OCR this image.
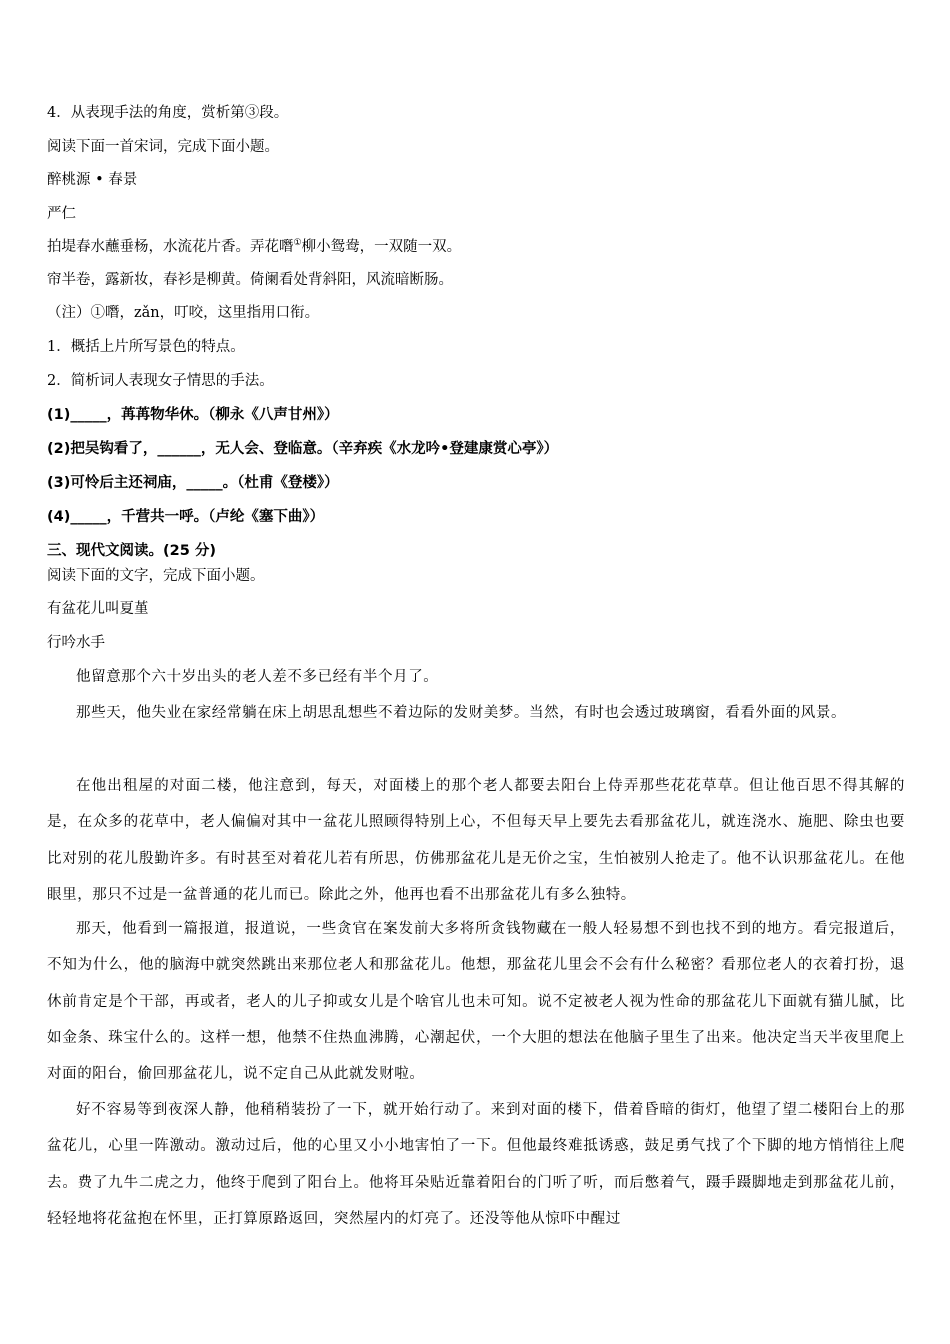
4．从表现手法的角度，赏析第③段。
阅读下面一首宋词，完成下面小题。
醉桃源 • 春景
严仁
拍堤春水蘸垂杨，水流花片香。弄花噆①柳小鸳鸯，一双随一双。
帘半卷，露新妆，春衫是柳黄。倚阑看处背斜阳，风流暗断肠。
（注）①噆，zǎn，叮咬，这里指用口衔。
1．概括上片所写景色的特点。
2．简析词人表现女子情思的手法。
(1)_____，苒苒物华休。（柳永《八声甘州》）
(2)把吴钩看了，______，无人会、登临意。（辛弃疾《水龙吟•登建康赏心亭》）
(3)可怜后主还祠庙，_____。（杜甫《登楼》）
(4)_____，千营共一呼。（卢纶《塞下曲》）
三、现代文阅读。(25 分)
阅读下面的文字，完成下面小题。
有盆花儿叫夏堇
行吟水手
他留意那个六十岁出头的老人差不多已经有半个月了。
那些天，他失业在家经常躺在床上胡思乱想些不着边际的发财美梦。当然，有时也会透过玻璃窗，看看外面的风景。
在他出租屋的对面二楼，他注意到，每天，对面楼上的那个老人都要去阳台上侍弄那些花花草草。但让他百思不得其解的是，在众多的花草中，老人偏偏对其中一盆花儿照顾得特别上心，不但每天早上要先去看那盆花儿，就连浇水、施肥、除虫也要比对别的花儿殷勤许多。有时甚至对着花儿若有所思，仿佛那盆花儿是无价之宝，生怕被别人抢走了。他不认识那盆花儿。在他眼里，那只不过是一盆普通的花儿而已。除此之外，他再也看不出那盆花儿有多么独特。
那天，他看到一篇报道，报道说，一些贪官在案发前大多将所贪钱物藏在一般人轻易想不到也找不到的地方。看完报道后，不知为什么，他的脑海中就突然跳出来那位老人和那盆花儿。他想，那盆花儿里会不会有什么秘密？看那位老人的衣着打扮，退休前肯定是个干部，再或者，老人的儿子抑或女儿是个啥官儿也未可知。说不定被老人视为性命的那盆花儿下面就有猫儿腻，比如金条、珠宝什么的。这样一想，他禁不住热血沸腾，心潮起伏，一个大胆的想法在他脑子里生了出来。他决定当天半夜里爬上对面的阳台，偷回那盆花儿，说不定自己从此就发财啦。
好不容易等到夜深人静，他稍稍装扮了一下，就开始行动了。来到对面的楼下，借着昏暗的街灯，他望了望二楼阳台上的那盆花儿，心里一阵激动。激动过后，他的心里又小小地害怕了一下。但他最终难抵诱惑，鼓足勇气找了个下脚的地方悄悄往上爬去。费了九牛二虎之力，他终于爬到了阳台上。他将耳朵贴近靠着阳台的门听了听，而后憋着气，蹑手蹑脚地走到那盆花儿前，轻轻地将花盆抱在怀里，正打算原路返回，突然屋内的灯亮了。还没等他从惊吓中醒过
